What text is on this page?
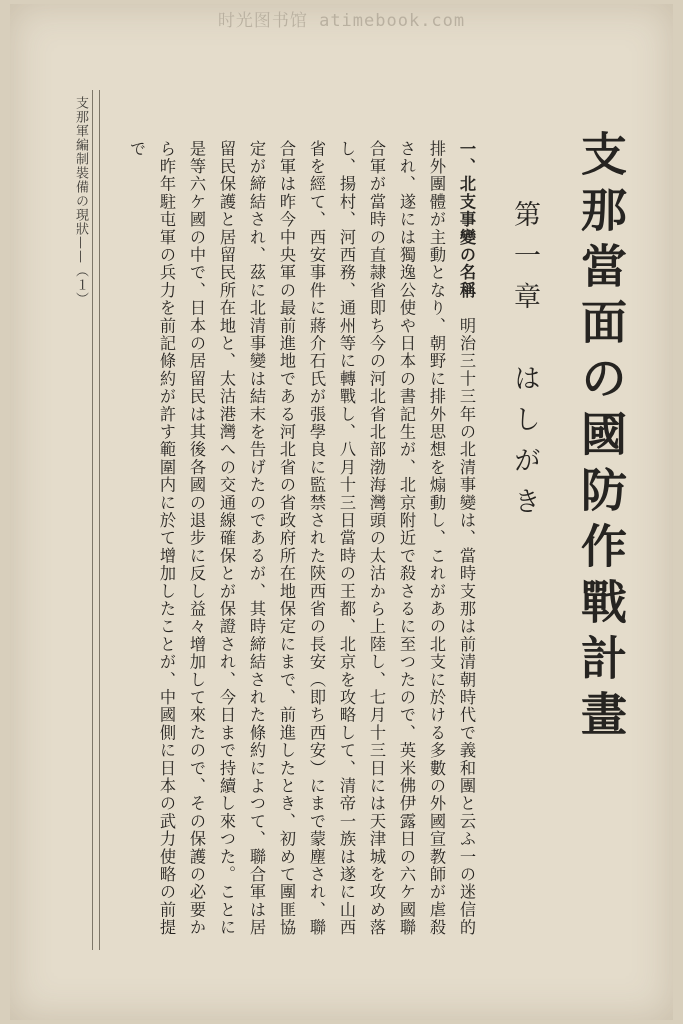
时光图书馆 atimebook.com
支那軍編制裝備の現狀——（１）	支那當面の國防作戰計畫
第一章　はしがき

一、北支事變の名稱　明治三十三年の北清事變は、當時支那は前清朝時代で義和團と云ふ一の迷信的排外團體が主動となり、朝野に排外思想を煽動し、これがあの北支に於ける多數の外國宣教師が虐殺され、遂には獨逸公使や日本の書記生が、北京附近で殺さるに至つたので、英米佛伊露日の六ケ國聯合軍が當時の直隷省即ち今の河北省北部渤海灣頭の太沽から上陸し、七月十三日には天津城を攻め落し、揚村、河西務、通州等に轉戰し、八月十三日當時の王都、北京を攻略して、清帝一族は遂に山西省を經て、西安事件に蔣介石氏が張學良に監禁された陝西省の長安（即ち西安）にまで蒙塵され、聯合軍は昨今中央軍の最前進地である河北省の省政府所在地保定にまで、前進したとき、初めて團匪協定が締結され、茲に北清事變は結末を告げたのであるが、其時締結された條約によつて、聯合軍は居留民保護と居留民所在地と、太沽港灣への交通線確保とが保證され、今日まで持續し來つた。ことに是等六ケ國の中で、日本の居留民は其後各國の退步に反し益々增加して來たので、その保護の必要から昨年駐屯軍の兵力を前記條約が許す範圍内に於て增加したことが、中國側に日本の武力使略の前提で
